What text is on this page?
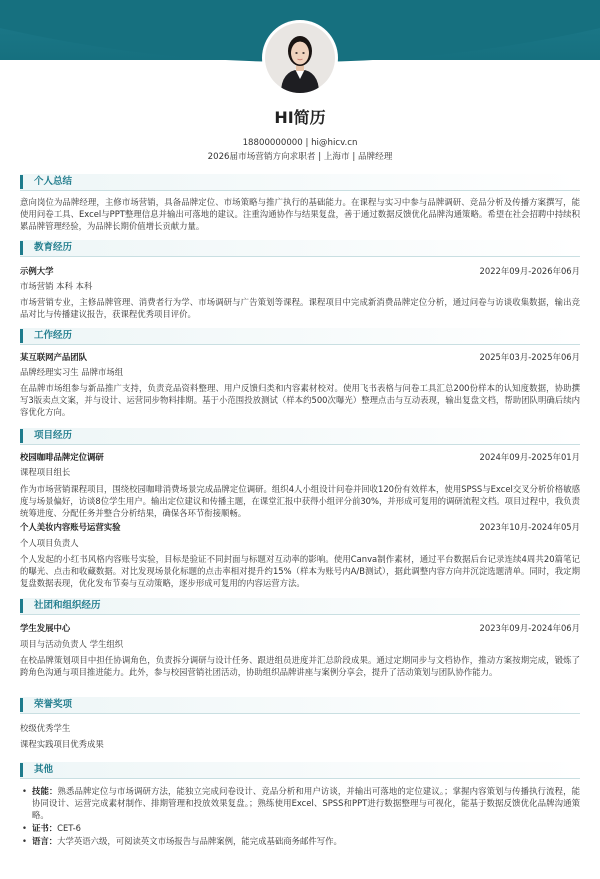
HI简历
18800000000 | hi@hicv.cn
2026届市场营销方向求职者 | 上海市 | 品牌经理
个人总结
意向岗位为品牌经理，主修市场营销，具备品牌定位、市场策略与推广执行的基础能力。在课程与实习中参与品牌调研、竞品分析及传播方案撰写，能使用问卷工具、Excel与PPT整理信息并输出可落地的建议。注重沟通协作与结果复盘，善于通过数据反馈优化品牌沟通策略。希望在社会招聘中持续积累品牌管理经验，为品牌长期价值增长贡献力量。
教育经历
示例大学	2022年09月-2026年06月
市场营销 本科 本科
市场营销专业，主修品牌管理、消费者行为学、市场调研与广告策划等课程。课程项目中完成新消费品牌定位分析，通过问卷与访谈收集数据，输出竞品对比与传播建议报告，获课程优秀项目评价。
工作经历
某互联网产品团队	2025年03月-2025年06月
品牌经理实习生 品牌市场组
在品牌市场组参与新品推广支持，负责竞品资料整理、用户反馈归类和内容素材校对。使用飞书表格与问卷工具汇总200份样本的认知度数据，协助撰写3版卖点文案，并与设计、运营同步物料排期。基于小范围投放测试（样本约500次曝光）整理点击与互动表现，输出复盘文档，帮助团队明确后续内容优化方向。
项目经历
校园咖啡品牌定位调研	2024年09月-2025年01月
课程项目组长
作为市场营销课程项目，围绕校园咖啡消费场景完成品牌定位调研。组织4人小组设计问卷并回收120份有效样本，使用SPSS与Excel交叉分析价格敏感度与场景偏好，访谈8位学生用户。输出定位建议和传播主题，在课堂汇报中获得小组评分前30%，并形成可复用的调研流程文档。项目过程中，我负责统筹进度、分配任务并整合分析结果，确保各环节衔接顺畅。
个人美妆内容账号运营实验	2023年10月-2024年05月
个人项目负责人
个人发起的小红书风格内容账号实验，目标是验证不同封面与标题对互动率的影响。使用Canva制作素材，通过平台数据后台记录连续4周共20篇笔记的曝光、点击和收藏数据。对比发现场景化标题的点击率相对提升约15%（样本为账号内A/B测试），据此调整内容方向并沉淀选题清单。同时，我定期复盘数据表现，优化发布节奏与互动策略，逐步形成可复用的内容运营方法。
社团和组织经历
学生发展中心	2023年09月-2024年06月
项目与活动负责人 学生组织
在校品牌策划项目中担任协调角色，负责拆分调研与设计任务、跟进组员进度并汇总阶段成果。通过定期同步与文档协作，推动方案按期完成，锻炼了跨角色沟通与项目推进能力。此外，参与校园营销社团活动，协助组织品牌讲座与案例分享会，提升了活动策划与团队协作能力。
荣誉奖项
校级优秀学生
课程实践项目优秀成果
其他
• 技能：熟悉品牌定位与市场调研方法，能独立完成问卷设计、竞品分析和用户访谈，并输出可落地的定位建议。；掌握内容策划与传播执行流程，能协同设计、运营完成素材制作、排期管理和投放效果复盘。；熟练使用Excel、SPSS和PPT进行数据整理与可视化，能基于数据反馈优化品牌沟通策略。
• 证书：CET-6
• 语言：大学英语六级，可阅读英文市场报告与品牌案例，能完成基础商务邮件写作。
